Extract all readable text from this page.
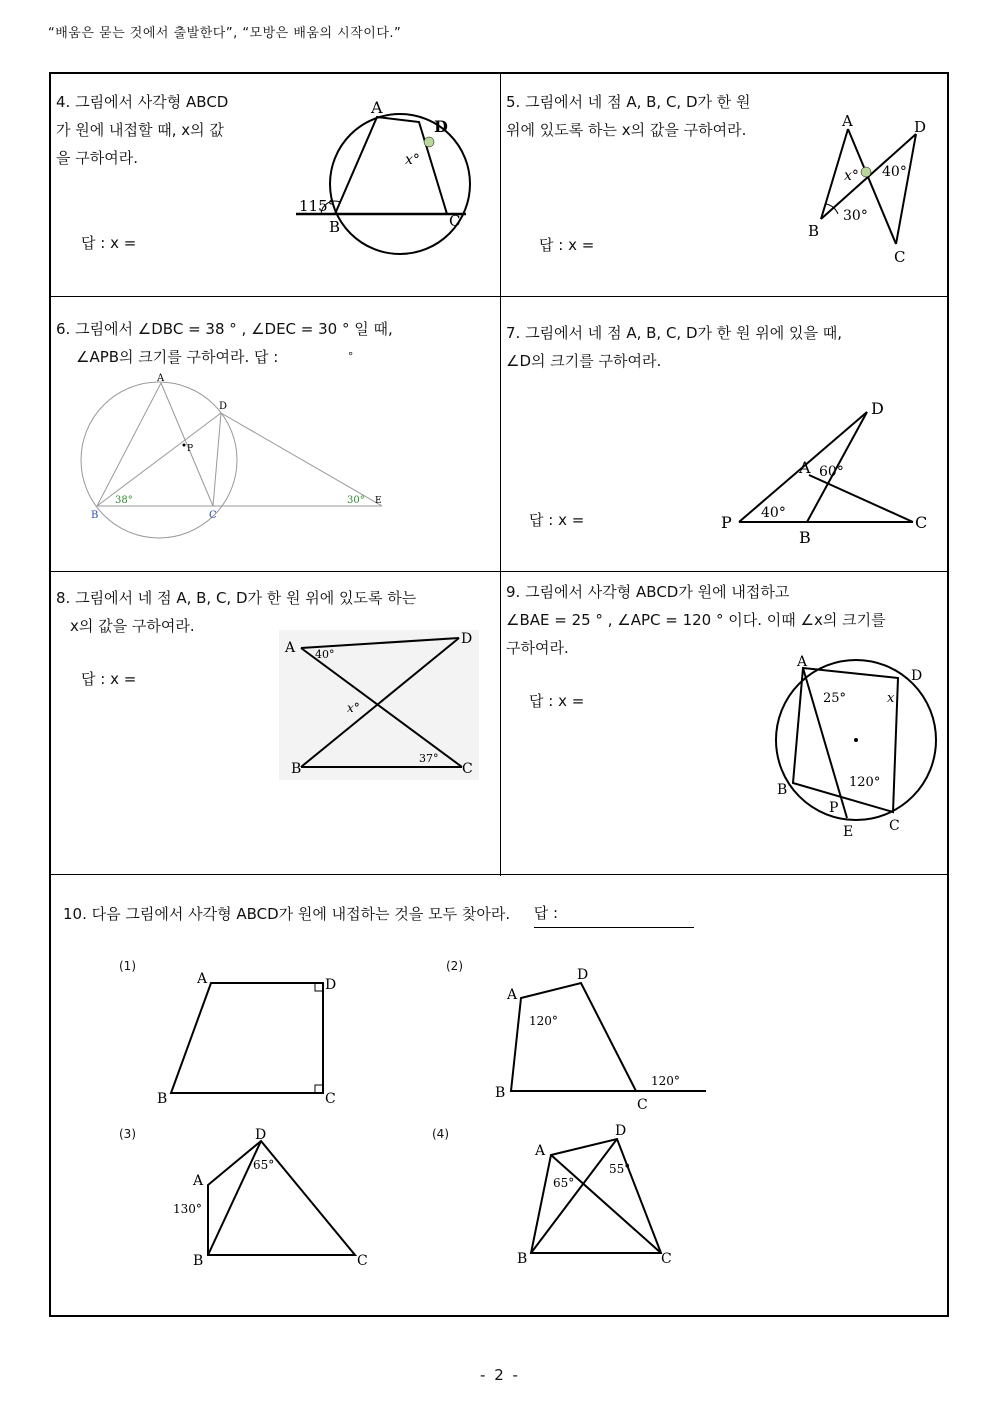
“배움은 묻는 것에서 출발한다”, “모방은 배움의 시작이다.”
4. 그림에서 사각형 ABCD
가 원에 내접할 때, x의 값
을 구하여라.
답 : x =
A
D
B	C
115°
x°
5. 그림에서 네 점 A, B, C, D가 한 원
위에 있도록 하는 x의 값을 구하여라.
답 : x =
A	D
B
C
40°
30°
x°
6. 그림에서 ∠DBC = 38 ° , ∠DEC = 30 ° 일 때,
∠APB의 크기를 구하여라. 답 :	°
A
D
P
B	C
E
38°	30°
7. 그림에서 네 점 A, B, C, D가 한 원 위에 있을 때,
∠D의 크기를 구하여라.
답 : x =
D
A
P
B
C
60°
40°
8. 그림에서 네 점 A, B, C, D가 한 원 위에 있도록 하는
x의 값을 구하여라.
답 : x =
A
D
B	C
40°
37°
x°
9. 그림에서 사각형 ABCD가 원에 내접하고
∠BAE = 25 ° , ∠APC = 120 ° 이다. 이때 ∠x의 크기를
구하여라.
답 : x =
A
D
B
C
P
E
25°
120°
x
10. 다음 그림에서 사각형 ABCD가 원에 내접하는 것을 모두 찾아라. 답 :
(1)
A	D
B	C
(2)
A
D
B
C
120°
120°
(3)
A
D
B	C
130°
65°
(4)
A
D
B	C
65°
55°
- 2 -
